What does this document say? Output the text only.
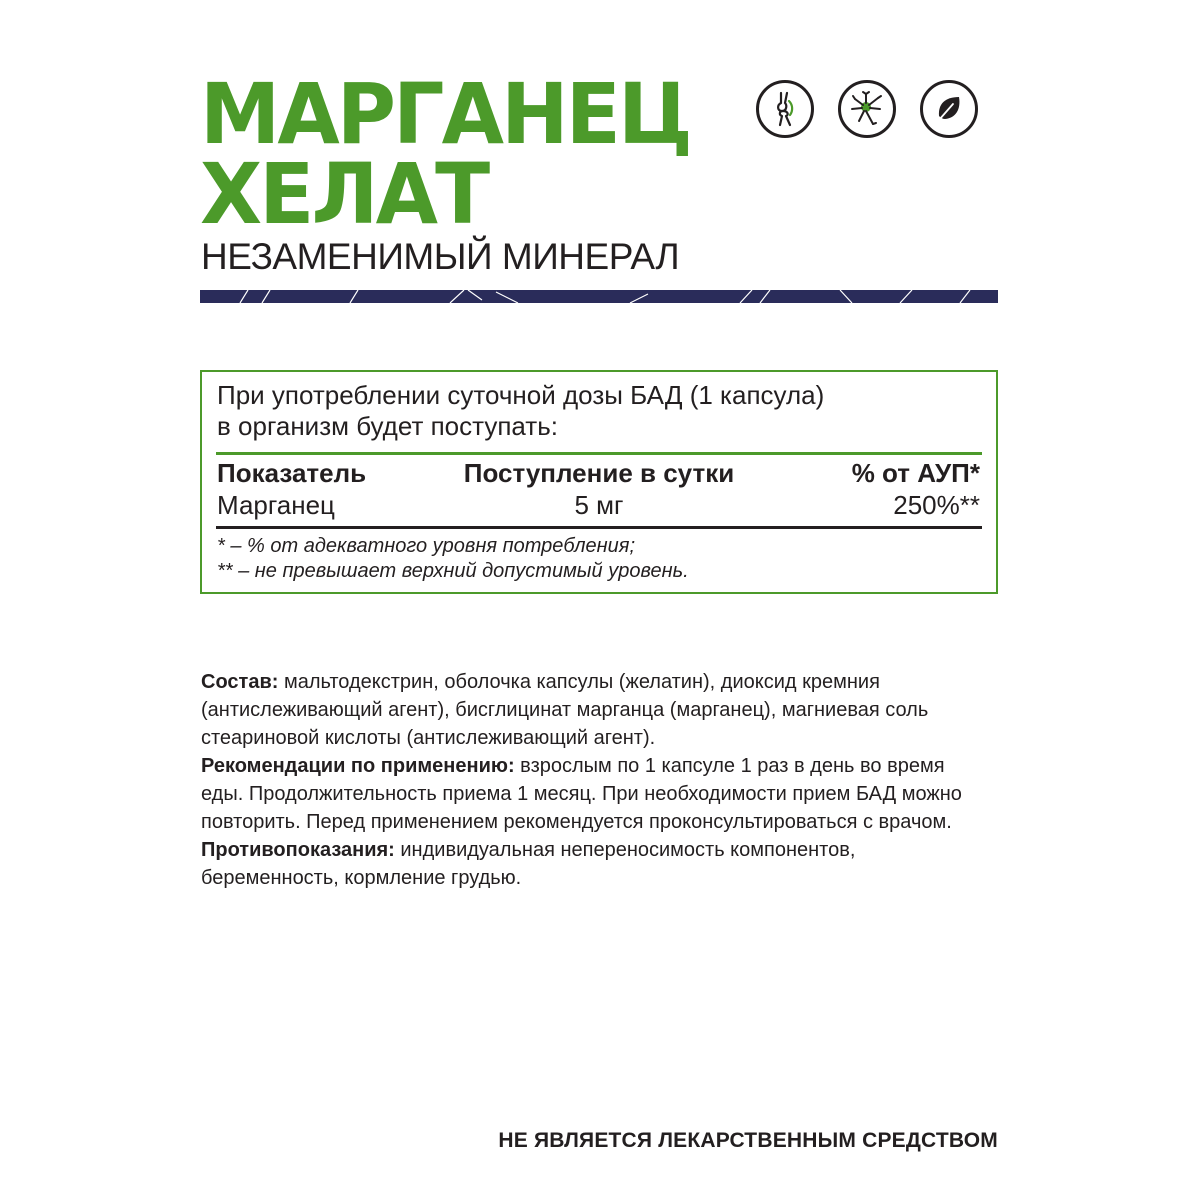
МАРГАНЕЦ
ХЕЛАТ
НЕЗАМЕНИМЫЙ МИНЕРАЛ
При употреблении суточной дозы БАД (1 капсула)
в организм будет поступать:
Показатель	Поступление в сутки	% от АУП*
Марганец	5 мг	250%**
* – % от адекватного уровня потребления;
** – не превышает верхний допустимый уровень.

Состав: мальтодекстрин, оболочка капсулы (желатин), диоксид кремния (антислеживающий агент), бисглицинат марганца (марганец), магниевая соль стеариновой кислоты (антислеживающий агент).

Рекомендации по применению: взрослым по 1 капсуле 1 раз в день во время еды. Продолжительность приема 1 месяц. При необходимости прием БАД можно повторить. Перед применением рекомендуется проконсультироваться с врачом.

Противопоказания: индивидуальная непереносимость компонентов, беременность, кормление грудью.

НЕ ЯВЛЯЕТСЯ ЛЕКАРСТВЕННЫМ СРЕДСТВОМ
